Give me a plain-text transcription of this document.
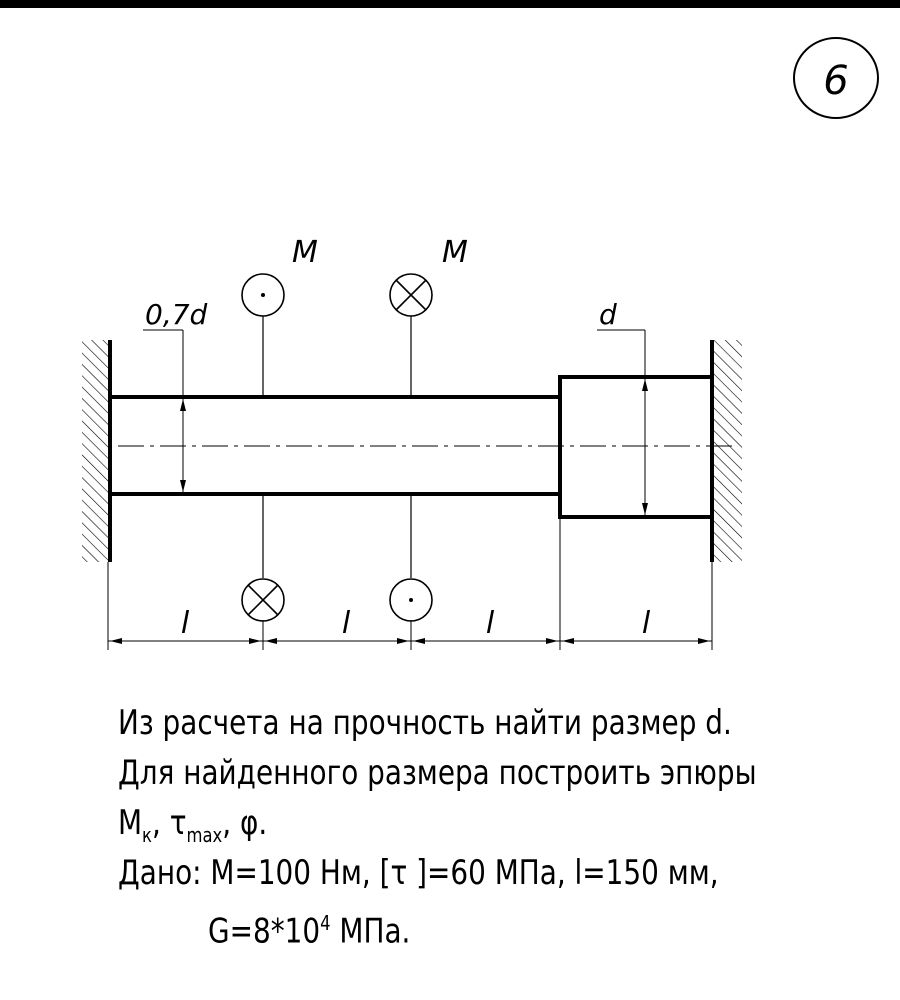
6
0,7d	d
M	M
l	l	l	l
Из расчета на прочность найти размер d.
Для найденного размера построить эпюры
$M_к$, $\tau_{max}$, φ.
Дано: M=100 Нм, [τ ]=60 МПа, l=150 мм,
$G=8*10^4$ МПа.
